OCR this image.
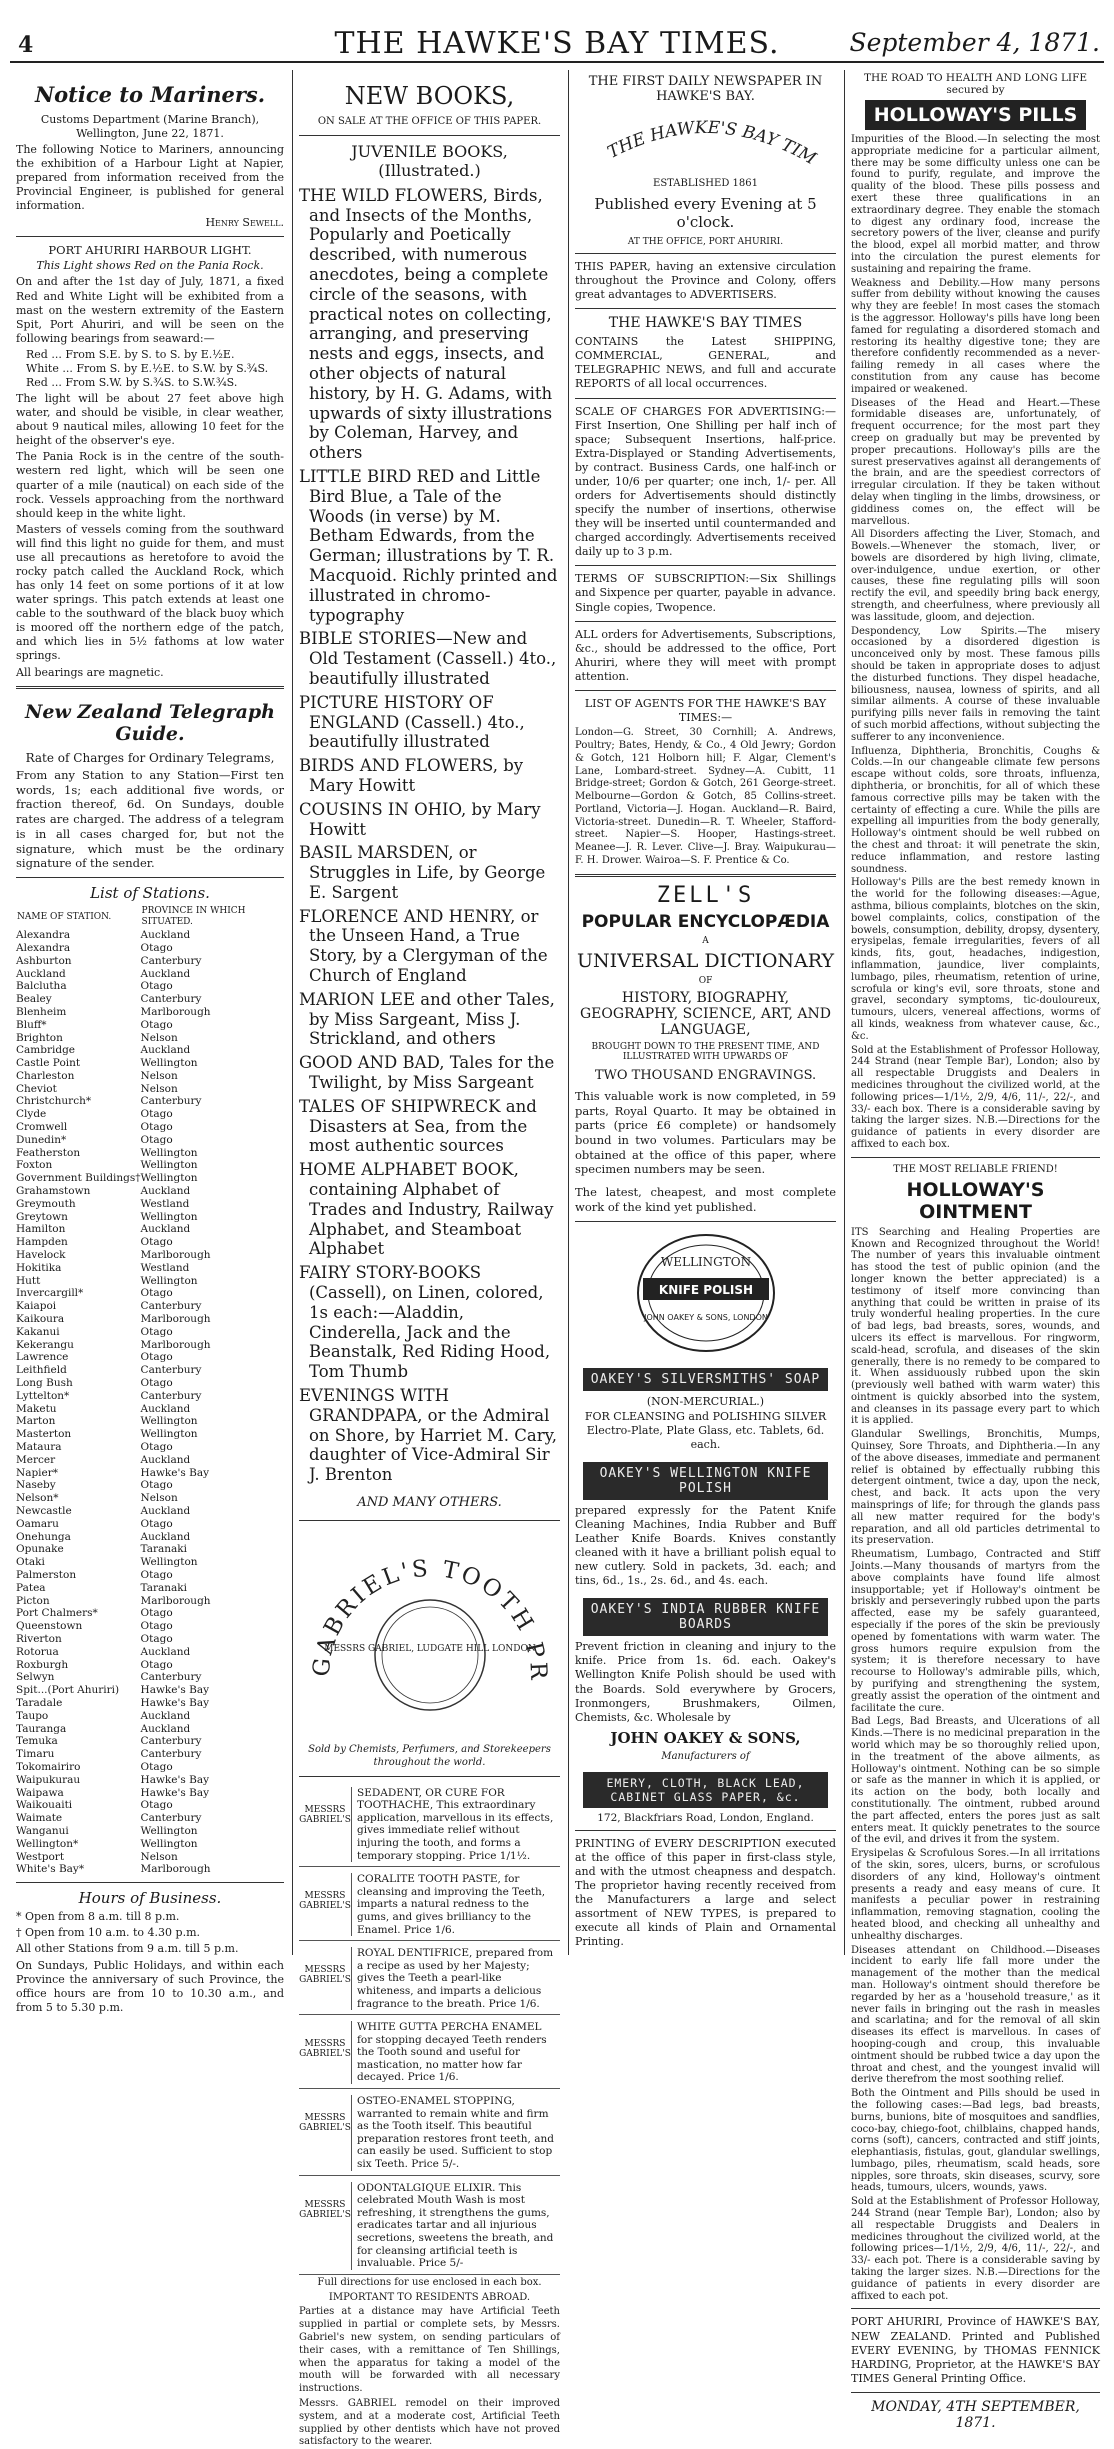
4	THE HAWKE'S BAY TIMES.	September 4, 1871.
Notice to Mariners.

Customs Department (Marine Branch), Wellington, June 22, 1871.

The following Notice to Mariners, announcing the exhibition of a Harbour Light at Napier, prepared from information received from the Provincial Engineer, is published for general information.

Henry Sewell.

PORT AHURIRI HARBOUR LIGHT.

This Light shows Red on the Pania Rock.

On and after the 1st day of July, 1871, a fixed Red and White Light will be exhibited from a mast on the western extremity of the Eastern Spit, Port Ahuriri, and will be seen on the following bearings from seaward:—

Red ... From S.E. by S. to S. by E.½E.

White ... From S. by E.½E. to S.W. by S.¾S.

Red ... From S.W. by S.¾S. to S.W.¾S.

The light will be about 27 feet above high water, and should be visible, in clear weather, about 9 nautical miles, allowing 10 feet for the height of the observer's eye.

The Pania Rock is in the centre of the south-western red light, which will be seen one quarter of a mile (nautical) on each side of the rock. Vessels approaching from the northward should keep in the white light.

Masters of vessels coming from the southward will find this light no guide for them, and must use all precautions as heretofore to avoid the rocky patch called the Auckland Rock, which has only 14 feet on some portions of it at low water springs. This patch extends at least one cable to the southward of the black buoy which is moored off the northern edge of the patch, and which lies in 5½ fathoms at low water springs.

All bearings are magnetic.

New Zealand Telegraph Guide.

Rate of Charges for Ordinary Telegrams,

From any Station to any Station—First ten words, 1s; each additional five words, or fraction thereof, 6d. On Sundays, double rates are charged. The address of a telegram is in all cases charged for, but not the signature, which must be the ordinary signature of the sender.

List of Stations.

NAME OF STATION.	PROVINCE IN WHICH SITUATED.
Alexandra	Auckland
Alexandra	Otago
Ashburton	Canterbury
Auckland	Auckland
Balclutha	Otago
Bealey	Canterbury
Blenheim	Marlborough
Bluff*	Otago
Brighton	Nelson
Cambridge	Auckland
Castle Point	Wellington
Charleston	Nelson
Cheviot	Nelson
Christchurch*	Canterbury
Clyde	Otago
Cromwell	Otago
Dunedin*	Otago
Featherston	Wellington
Foxton	Wellington
Government Buildings†	Wellington
Grahamstown	Auckland
Greymouth	Westland
Greytown	Wellington
Hamilton	Auckland
Hampden	Otago
Havelock	Marlborough
Hokitika	Westland
Hutt	Wellington
Invercargill*	Otago
Kaiapoi	Canterbury
Kaikoura	Marlborough
Kakanui	Otago
Kekerangu	Marlborough
Lawrence	Otago
Leithfield	Canterbury
Long Bush	Otago
Lyttelton*	Canterbury
Maketu	Auckland
Marton	Wellington
Masterton	Wellington
Mataura	Otago
Mercer	Auckland
Napier*	Hawke's Bay
Naseby	Otago
Nelson*	Nelson
Newcastle	Auckland
Oamaru	Otago
Onehunga	Auckland
Opunake	Taranaki
Otaki	Wellington
Palmerston	Otago
Patea	Taranaki
Picton	Marlborough
Port Chalmers*	Otago
Queenstown	Otago
Riverton	Otago
Rotorua	Auckland
Roxburgh	Otago
Selwyn	Canterbury
Spit...(Port Ahuriri)	Hawke's Bay
Taradale	Hawke's Bay
Taupo	Auckland
Tauranga	Auckland
Temuka	Canterbury
Timaru	Canterbury
Tokomairiro	Otago
Waipukurau	Hawke's Bay
Waipawa	Hawke's Bay
Waikouaiti	Otago
Waimate	Canterbury
Wanganui	Wellington
Wellington*	Wellington
Westport	Nelson
White's Bay*	Marlborough

Hours of Business.

* Open from 8 a.m. till 8 p.m.

† Open from 10 a.m. to 4.30 p.m.

All other Stations from 9 a.m. till 5 p.m.

On Sundays, Public Holidays, and within each Province the anniversary of such Province, the office hours are from 10 to 10.30 a.m., and from 5 to 5.30 p.m.

NEW BOOKS,

ON SALE AT THE OFFICE OF THIS PAPER.

JUVENILE BOOKS, (Illustrated.)

THE WILD FLOWERS, Birds, and Insects of the Months, Popularly and Poetically described, with numerous anecdotes, being a complete circle of the seasons, with practical notes on collecting, arranging, and preserving nests and eggs, insects, and other objects of natural history, by H. G. Adams, with upwards of sixty illustrations by Coleman, Harvey, and others

LITTLE BIRD RED and Little Bird Blue, a Tale of the Woods (in verse) by M. Betham Edwards, from the German; illustrations by T. R. Macquoid. Richly printed and illustrated in chromo-typography

BIBLE STORIES—New and Old Testament (Cassell.) 4to., beautifully illustrated

PICTURE HISTORY OF ENGLAND (Cassell.) 4to., beautifully illustrated

BIRDS AND FLOWERS, by Mary Howitt

COUSINS IN OHIO, by Mary Howitt

BASIL MARSDEN, or Struggles in Life, by George E. Sargent

FLORENCE AND HENRY, or the Unseen Hand, a True Story, by a Clergyman of the Church of England

MARION LEE and other Tales, by Miss Sargeant, Miss J. Strickland, and others

GOOD AND BAD, Tales for the Twilight, by Miss Sargeant

TALES OF SHIPWRECK and Disasters at Sea, from the most authentic sources

HOME ALPHABET BOOK, containing Alphabet of Trades and Industry, Railway Alphabet, and Steamboat Alphabet

FAIRY STORY-BOOKS (Cassell), on Linen, colored, 1s each:—Aladdin, Cinderella, Jack and the Beanstalk, Red Riding Hood, Tom Thumb

EVENINGS WITH GRANDPAPA, or the Admiral on Shore, by Harriet M. Cary, daughter of Vice-Admiral Sir J. Brenton

AND MANY OTHERS.

GABRIEL'S TOOTH PR
MESSRS GABRIEL, LUDGATE HILL LONDON

Sold by Chemists, Perfumers, and Storekeepers throughout the world.

MESSRS GABRIEL'S
SEDADENT, OR CURE FOR TOOTHACHE, This extraordinary application, marvellous in its effects, gives immediate relief without injuring the tooth, and forms a temporary stopping. Price 1/1½.
MESSRS GABRIEL'S
CORALITE TOOTH PASTE, for cleansing and improving the Teeth, imparts a natural redness to the gums, and gives brilliancy to the Enamel. Price 1/6.
MESSRS GABRIEL'S
ROYAL DENTIFRICE, prepared from a recipe as used by her Majesty; gives the Teeth a pearl-like whiteness, and imparts a delicious fragrance to the breath. Price 1/6.
MESSRS GABRIEL'S
WHITE GUTTA PERCHA ENAMEL for stopping decayed Teeth renders the Tooth sound and useful for mastication, no matter how far decayed. Price 1/6.
MESSRS GABRIEL'S
OSTEO-ENAMEL STOPPING, warranted to remain white and firm as the Tooth itself. This beautiful preparation restores front teeth, and can easily be used. Sufficient to stop six Teeth. Price 5/-.
MESSRS GABRIEL'S
ODONTALGIQUE ELIXIR. This celebrated Mouth Wash is most refreshing, it strengthens the gums, eradicates tartar and all injurious secretions, sweetens the breath, and for cleansing artificial teeth is invaluable. Price 5/-

Full directions for use enclosed in each box.

IMPORTANT TO RESIDENTS ABROAD.

Parties at a distance may have Artificial Teeth supplied in partial or complete sets, by Messrs. Gabriel's new system, on sending particulars of their cases, with a remittance of Ten Shillings, when the apparatus for taking a model of the mouth will be forwarded with all necessary instructions.

Messrs. GABRIEL remodel on their improved system, and at a moderate cost, Artificial Teeth supplied by other dentists which have not proved satisfactory to the wearer.

THE FIRST DAILY NEWSPAPER IN HAWKE'S BAY.

THE HAWKE'S BAY TIM

ESTABLISHED 1861

Published every Evening at 5 o'clock.

AT THE OFFICE, PORT AHURIRI.

THIS PAPER, having an extensive circulation throughout the Province and Colony, offers great advantages to ADVERTISERS.

THE HAWKE'S BAY TIMES

CONTAINS the Latest SHIPPING, COMMERCIAL, GENERAL, and TELEGRAPHIC NEWS, and full and accurate REPORTS of all local occurrences.

SCALE OF CHARGES FOR ADVERTISING:—First Insertion, One Shilling per half inch of space; Subsequent Insertions, half-price. Extra-Displayed or Standing Advertisements, by contract. Business Cards, one half-inch or under, 10/6 per quarter; one inch, 1/- per. All orders for Advertisements should distinctly specify the number of insertions, otherwise they will be inserted until countermanded and charged accordingly. Advertisements received daily up to 3 p.m.

TERMS OF SUBSCRIPTION:—Six Shillings and Sixpence per quarter, payable in advance. Single copies, Twopence.

ALL orders for Advertisements, Subscriptions, &c., should be addressed to the office, Port Ahuriri, where they will meet with prompt attention.

LIST OF AGENTS FOR THE HAWKE'S BAY TIMES:—

London—G. Street, 30 Cornhill; A. Andrews, Poultry; Bates, Hendy, & Co., 4 Old Jewry; Gordon & Gotch, 121 Holborn hill; F. Algar, Clement's Lane, Lombard-street. Sydney—A. Cubitt, 11 Bridge-street; Gordon & Gotch, 261 George-street. Melbourne—Gordon & Gotch, 85 Collins-street. Portland, Victoria—J. Hogan. Auckland—R. Baird, Victoria-street. Dunedin—R. T. Wheeler, Stafford-street. Napier—S. Hooper, Hastings-street. Meanee—J. R. Lever. Clive—J. Bray. Waipukurau—F. H. Drower. Wairoa—S. F. Prentice & Co.

ZELL'S

POPULAR ENCYCLOPÆDIA

A

UNIVERSAL DICTIONARY

OF

HISTORY, BIOGRAPHY, GEOGRAPHY, SCIENCE, ART, AND LANGUAGE,

BROUGHT DOWN TO THE PRESENT TIME, AND ILLUSTRATED WITH UPWARDS OF

TWO THOUSAND ENGRAVINGS.

This valuable work is now completed, in 59 parts, Royal Quarto. It may be obtained in parts (price £6 complete) or handsomely bound in two volumes. Particulars may be obtained at the office of this paper, where specimen numbers may be seen.

The latest, cheapest, and most complete work of the kind yet published.

WELLINGTON
KNIFE POLISH
JOHN OAKEY & SONS, LONDON
OAKEY'S SILVERSMITHS' SOAP

(NON-MERCURIAL.)

FOR CLEANSING and POLISHING SILVER Electro-Plate, Plate Glass, etc. Tablets, 6d. each.

OAKEY'S WELLINGTON KNIFE POLISH

prepared expressly for the Patent Knife Cleaning Machines, India Rubber and Buff Leather Knife Boards. Knives constantly cleaned with it have a brilliant polish equal to new cutlery. Sold in packets, 3d. each; and tins, 6d., 1s., 2s. 6d., and 4s. each.

OAKEY'S INDIA RUBBER KNIFE BOARDS

Prevent friction in cleaning and injury to the knife. Price from 1s. 6d. each. Oakey's Wellington Knife Polish should be used with the Boards. Sold everywhere by Grocers, Ironmongers, Brushmakers, Oilmen, Chemists, &c. Wholesale by

JOHN OAKEY & SONS,

Manufacturers of

EMERY, CLOTH, BLACK LEAD, CABINET GLASS PAPER, &c.

172, Blackfriars Road, London, England.

PRINTING of EVERY DESCRIPTION executed at the office of this paper in first-class style, and with the utmost cheapness and despatch. The proprietor having recently received from the Manufacturers a large and select assortment of NEW TYPES, is prepared to execute all kinds of Plain and Ornamental Printing.

THE ROAD TO HEALTH AND LONG LIFE secured by

HOLLOWAY'S PILLS

Impurities of the Blood.—In selecting the most appropriate medicine for a particular ailment, there may be some difficulty unless one can be found to purify, regulate, and improve the quality of the blood. These pills possess and exert these three qualifications in an extraordinary degree. They enable the stomach to digest any ordinary food, increase the secretory powers of the liver, cleanse and purify the blood, expel all morbid matter, and throw into the circulation the purest elements for sustaining and repairing the frame.

Weakness and Debility.—How many persons suffer from debility without knowing the causes why they are feeble! In most cases the stomach is the aggressor. Holloway's pills have long been famed for regulating a disordered stomach and restoring its healthy digestive tone; they are therefore confidently recommended as a never-failing remedy in all cases where the constitution from any cause has become impaired or weakened.

Diseases of the Head and Heart.—These formidable diseases are, unfortunately, of frequent occurrence; for the most part they creep on gradually but may be prevented by proper precautions. Holloway's pills are the surest preservatives against all derangements of the brain, and are the speediest correctors of irregular circulation. If they be taken without delay when tingling in the limbs, drowsiness, or giddiness comes on, the effect will be marvellous.

All Disorders affecting the Liver, Stomach, and Bowels.—Whenever the stomach, liver, or bowels are disordered by high living, climate, over-indulgence, undue exertion, or other causes, these fine regulating pills will soon rectify the evil, and speedily bring back energy, strength, and cheerfulness, where previously all was lassitude, gloom, and dejection.

Despondency, Low Spirits.—The misery occasioned by a disordered digestion is unconceived only by most. These famous pills should be taken in appropriate doses to adjust the disturbed functions. They dispel headache, biliousness, nausea, lowness of spirits, and all similar ailments. A course of these invaluable purifying pills never fails in removing the taint of such morbid affections, without subjecting the sufferer to any inconvenience.

Influenza, Diphtheria, Bronchitis, Coughs & Colds.—In our changeable climate few persons escape without colds, sore throats, influenza, diphtheria, or bronchitis, for all of which these famous corrective pills may be taken with the certainty of effecting a cure. While the pills are expelling all impurities from the body generally, Holloway's ointment should be well rubbed on the chest and throat: it will penetrate the skin, reduce inflammation, and restore lasting soundness.

Holloway's Pills are the best remedy known in the world for the following diseases:—Ague, asthma, bilious complaints, blotches on the skin, bowel complaints, colics, constipation of the bowels, consumption, debility, dropsy, dysentery, erysipelas, female irregularities, fevers of all kinds, fits, gout, headaches, indigestion, inflammation, jaundice, liver complaints, lumbago, piles, rheumatism, retention of urine, scrofula or king's evil, sore throats, stone and gravel, secondary symptoms, tic-douloureux, tumours, ulcers, venereal affections, worms of all kinds, weakness from whatever cause, &c., &c.

Sold at the Establishment of Professor Holloway, 244 Strand (near Temple Bar), London; also by all respectable Druggists and Dealers in medicines throughout the civilized world, at the following prices—1/1½, 2/9, 4/6, 11/-, 22/-, and 33/- each box. There is a considerable saving by taking the larger sizes. N.B.—Directions for the guidance of patients in every disorder are affixed to each box.

THE MOST RELIABLE FRIEND!

HOLLOWAY'S OINTMENT

ITS Searching and Healing Properties are Known and Recognized throughout the World! The number of years this invaluable ointment has stood the test of public opinion (and the longer known the better appreciated) is a testimony of itself more convincing than anything that could be written in praise of its truly wonderful healing properties. In the cure of bad legs, bad breasts, sores, wounds, and ulcers its effect is marvellous. For ringworm, scald-head, scrofula, and diseases of the skin generally, there is no remedy to be compared to it. When assiduously rubbed upon the skin (previously well bathed with warm water) this ointment is quickly absorbed into the system, and cleanses in its passage every part to which it is applied.

Glandular Swellings, Bronchitis, Mumps, Quinsey, Sore Throats, and Diphtheria.—In any of the above diseases, immediate and permanent relief is obtained by effectually rubbing this detergent ointment, twice a day, upon the neck, chest, and back. It acts upon the very mainsprings of life; for through the glands pass all new matter required for the body's reparation, and all old particles detrimental to its preservation.

Rheumatism, Lumbago, Contracted and Stiff Joints.—Many thousands of martyrs from the above complaints have found life almost insupportable; yet if Holloway's ointment be briskly and perseveringly rubbed upon the parts affected, ease my be safely guaranteed, especially if the pores of the skin be previously opened by fomentations with warm water. The gross humors require expulsion from the system; it is therefore necessary to have recourse to Holloway's admirable pills, which, by purifying and strengthening the system, greatly assist the operation of the ointment and facilitate the cure.

Bad Legs, Bad Breasts, and Ulcerations of all Kinds.—There is no medicinal preparation in the world which may be so thoroughly relied upon, in the treatment of the above ailments, as Holloway's ointment. Nothing can be so simple or safe as the manner in which it is applied, or its action on the body, both locally and constitutionally. The ointment, rubbed around the part affected, enters the pores just as salt enters meat. It quickly penetrates to the source of the evil, and drives it from the system.

Erysipelas & Scrofulous Sores.—In all irritations of the skin, sores, ulcers, burns, or scrofulous disorders of any kind, Holloway's ointment presents a ready and easy means of cure. It manifests a peculiar power in restraining inflammation, removing stagnation, cooling the heated blood, and checking all unhealthy and unhealthy discharges.

Diseases attendant on Childhood.—Diseases incident to early life fall more under the management of the mother than the medical man. Holloway's ointment should therefore be regarded by her as a 'household treasure,' as it never fails in bringing out the rash in measles and scarlatina; and for the removal of all skin diseases its effect is marvellous. In cases of hooping-cough and croup, this invaluable ointment should be rubbed twice a day upon the throat and chest, and the youngest invalid will derive therefrom the most soothing relief.

Both the Ointment and Pills should be used in the following cases:—Bad legs, bad breasts, burns, bunions, bite of mosquitoes and sandflies, coco-bay, chiego-foot, chilblains, chapped hands, corns (soft), cancers, contracted and stiff joints, elephantiasis, fistulas, gout, glandular swellings, lumbago, piles, rheumatism, scald heads, sore nipples, sore throats, skin diseases, scurvy, sore heads, tumours, ulcers, wounds, yaws.

Sold at the Establishment of Professor Holloway, 244 Strand (near Temple Bar), London; also by all respectable Druggists and Dealers in medicines throughout the civilized world, at the following prices—1/1½, 2/9, 4/6, 11/-, 22/-, and 33/- each pot. There is a considerable saving by taking the larger sizes. N.B.—Directions for the guidance of patients in every disorder are affixed to each pot.

PORT AHURIRI, Province of HAWKE'S BAY, NEW ZEALAND. Printed and Published EVERY EVENING, by THOMAS FENNICK HARDING, Proprietor, at the HAWKE'S BAY TIMES General Printing Office.

MONDAY, 4TH SEPTEMBER, 1871.
